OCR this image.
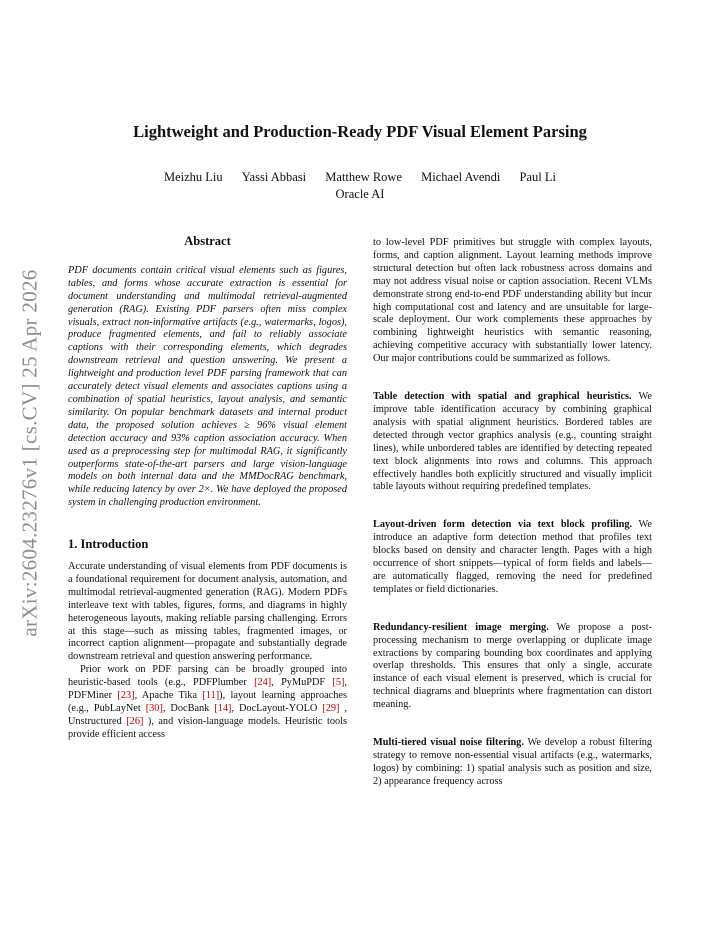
arXiv:2604.23276v1 [cs.CV] 25 Apr 2026
Lightweight and Production-Ready PDF Visual Element Parsing
Meizhu Liu Yassi Abbasi Matthew Rowe Michael Avendi Paul Li
Oracle AI
Abstract

PDF documents contain critical visual elements such as figures, tables, and forms whose accurate extraction is essential for document understanding and multimodal retrieval-augmented generation (RAG). Existing PDF parsers often miss complex visuals, extract non-informative artifacts (e.g., watermarks, logos), produce fragmented elements, and fail to reliably associate captions with their corresponding elements, which degrades downstream retrieval and question answering. We present a lightweight and production level PDF parsing framework that can accurately detect visual elements and associates captions using a combination of spatial heuristics, layout analysis, and semantic similarity. On popular benchmark datasets and internal product data, the proposed solution achieves ≥ 96% visual element detection accuracy and 93% caption association accuracy. When used as a preprocessing step for multimodal RAG, it significantly outperforms state-of-the-art parsers and large vision-language models on both internal data and the MMDocRAG benchmark, while reducing latency by over 2×. We have deployed the proposed system in challenging production environment.

1. Introduction

Accurate understanding of visual elements from PDF documents is a foundational requirement for document analysis, automation, and multimodal retrieval-augmented generation (RAG). Modern PDFs interleave text with tables, figures, forms, and diagrams in highly heterogeneous layouts, making reliable parsing challenging. Errors at this stage—such as missing tables, fragmented images, or incorrect caption alignment—propagate and substantially degrade downstream retrieval and question answering performance.

Prior work on PDF parsing can be broadly grouped into heuristic-based tools (e.g., PDFPlumber [24], PyMuPDF [5], PDFMiner [23], Apache Tika [11]), layout learning approaches (e.g., PubLayNet [30], DocBank [14], DocLayout-YOLO [29] , Unstructured [26] ), and vision-language models. Heuristic tools provide efficient access

to low-level PDF primitives but struggle with complex layouts, forms, and caption alignment. Layout learning methods improve structural detection but often lack robustness across domains and may not address visual noise or caption association. Recent VLMs demonstrate strong end-to-end PDF understanding ability but incur high computational cost and latency and are unsuitable for large-scale deployment. Our work complements these approaches by combining lightweight heuristics with semantic reasoning, achieving competitive accuracy with substantially lower latency. Our major contributions could be summarized as follows.

Table detection with spatial and graphical heuristics. We improve table identification accuracy by combining graphical analysis with spatial alignment heuristics. Bordered tables are detected through vector graphics analysis (e.g., counting straight lines), while unbordered tables are identified by detecting repeated text block alignments into rows and columns. This approach effectively handles both explicitly structured and visually implicit table layouts without requiring predefined templates.

Layout-driven form detection via text block profiling. We introduce an adaptive form detection method that profiles text blocks based on density and character length. Pages with a high occurrence of short snippets—typical of form fields and labels—are automatically flagged, removing the need for predefined templates or field dictionaries.

Redundancy-resilient image merging. We propose a post-processing mechanism to merge overlapping or duplicate image extractions by comparing bounding box coordinates and applying overlap thresholds. This ensures that only a single, accurate instance of each visual element is preserved, which is crucial for technical diagrams and blueprints where fragmentation can distort meaning.

Multi-tiered visual noise filtering. We develop a robust filtering strategy to remove non-essential visual artifacts (e.g., watermarks, logos) by combining: 1) spatial analysis such as position and size, 2) appearance frequency across
